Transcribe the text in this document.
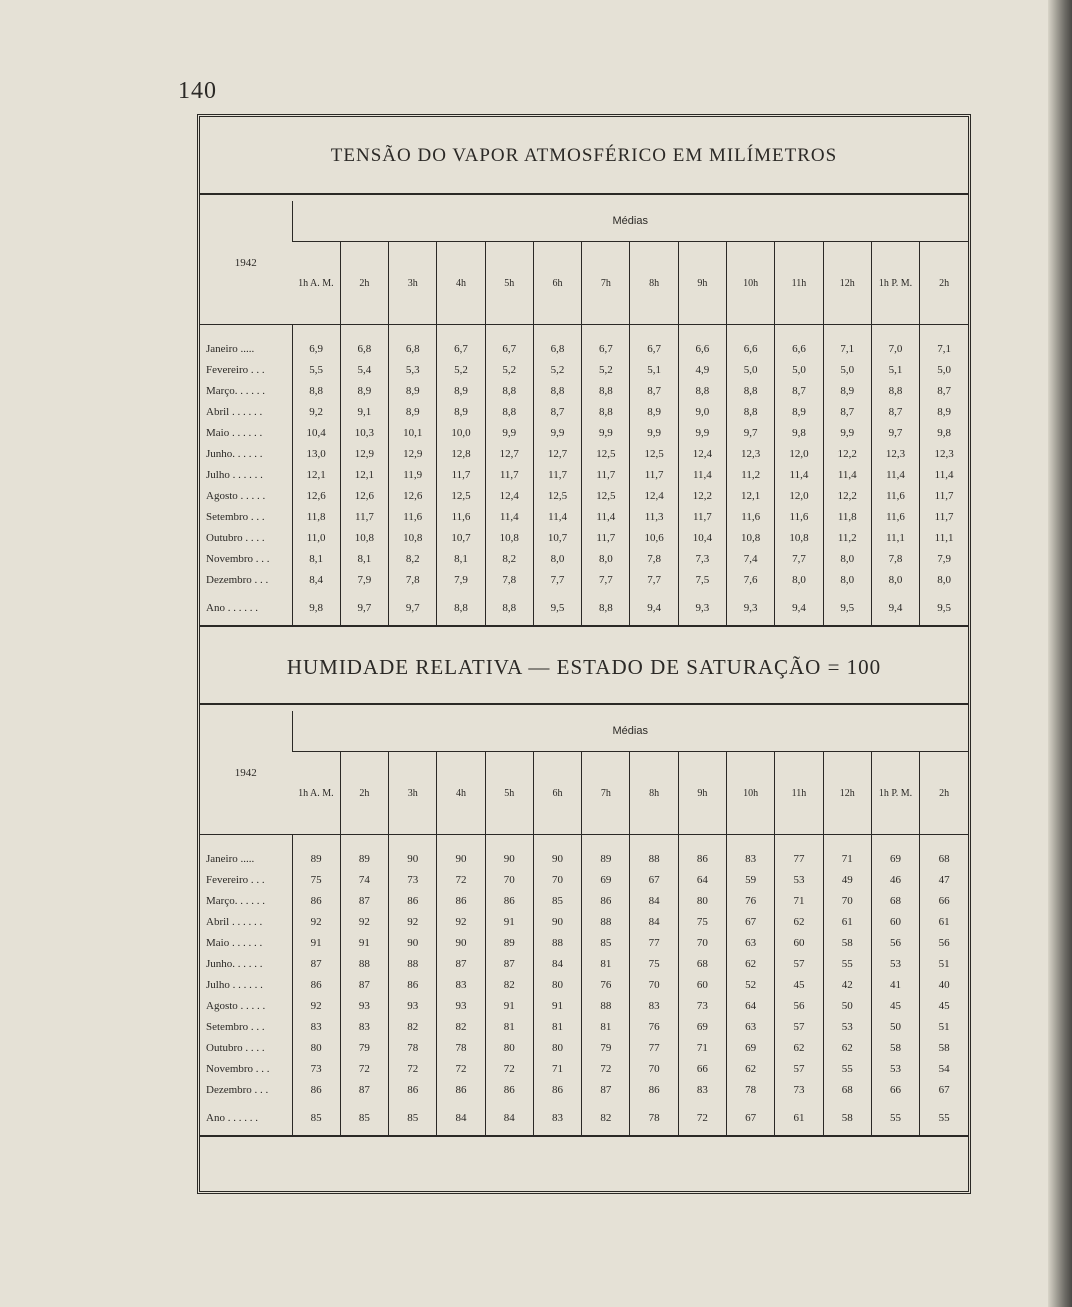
140
TENSÃO DO VAPOR ATMOSFÉRICO EM MILÍMETROS
1942	Médias													
	1h A. M.	2h	3h	4h	5h	6h	7h	8h	9h	10h	11h	12h	1h P. M.	2h

Janeiro .....	6,9	6,8	6,8	6,7	6,7	6,8	6,7	6,7	6,6	6,6	6,6	7,1	7,0	7,1
Fevereiro . . .	5,5	5,4	5,3	5,2	5,2	5,2	5,2	5,1	4,9	5,0	5,0	5,0	5,1	5,0
Março. . . . . .	8,8	8,9	8,9	8,9	8,8	8,8	8,8	8,7	8,8	8,8	8,7	8,9	8,8	8,7
Abril . . . . . .	9,2	9,1	8,9	8,9	8,8	8,7	8,8	8,9	9,0	8,8	8,9	8,7	8,7	8,9
Maio . . . . . .	10,4	10,3	10,1	10,0	9,9	9,9	9,9	9,9	9,9	9,7	9,8	9,9	9,7	9,8
Junho. . . . . .	13,0	12,9	12,9	12,8	12,7	12,7	12,5	12,5	12,4	12,3	12,0	12,2	12,3	12,3
Julho . . . . . .	12,1	12,1	11,9	11,7	11,7	11,7	11,7	11,7	11,4	11,2	11,4	11,4	11,4	11,4
Agosto . . . . .	12,6	12,6	12,6	12,5	12,4	12,5	12,5	12,4	12,2	12,1	12,0	12,2	11,6	11,7
Setembro . . .	11,8	11,7	11,6	11,6	11,4	11,4	11,4	11,3	11,7	11,6	11,6	11,8	11,6	11,7
Outubro . . . .	11,0	10,8	10,8	10,7	10,8	10,7	11,7	10,6	10,4	10,8	10,8	11,2	11,1	11,1
Novembro . . .	8,1	8,1	8,2	8,1	8,2	8,0	8,0	7,8	7,3	7,4	7,7	8,0	7,8	7,9
Dezembro . . .	8,4	7,9	7,8	7,9	7,8	7,7	7,7	7,7	7,5	7,6	8,0	8,0	8,0	8,0
Ano . . . . . .	9,8	9,7	9,7	8,8	8,8	9,5	8,8	9,4	9,3	9,3	9,4	9,5	9,4	9,5
HUMIDADE RELATIVA — ESTADO DE SATURAÇÃO = 100
1942	Médias													
	1h A. M.	2h	3h	4h	5h	6h	7h	8h	9h	10h	11h	12h	1h P. M.	2h

Janeiro .....	89	89	90	90	90	90	89	88	86	83	77	71	69	68
Fevereiro . . .	75	74	73	72	70	70	69	67	64	59	53	49	46	47
Março. . . . . .	86	87	86	86	86	85	86	84	80	76	71	70	68	66
Abril . . . . . .	92	92	92	92	91	90	88	84	75	67	62	61	60	61
Maio . . . . . .	91	91	90	90	89	88	85	77	70	63	60	58	56	56
Junho. . . . . .	87	88	88	87	87	84	81	75	68	62	57	55	53	51
Julho . . . . . .	86	87	86	83	82	80	76	70	60	52	45	42	41	40
Agosto . . . . .	92	93	93	93	91	91	88	83	73	64	56	50	45	45
Setembro . . .	83	83	82	82	81	81	81	76	69	63	57	53	50	51
Outubro . . . .	80	79	78	78	80	80	79	77	71	69	62	62	58	58
Novembro . . .	73	72	72	72	72	71	72	70	66	62	57	55	53	54
Dezembro . . .	86	87	86	86	86	86	87	86	83	78	73	68	66	67
Ano . . . . . .	85	85	85	84	84	83	82	78	72	67	61	58	55	55
